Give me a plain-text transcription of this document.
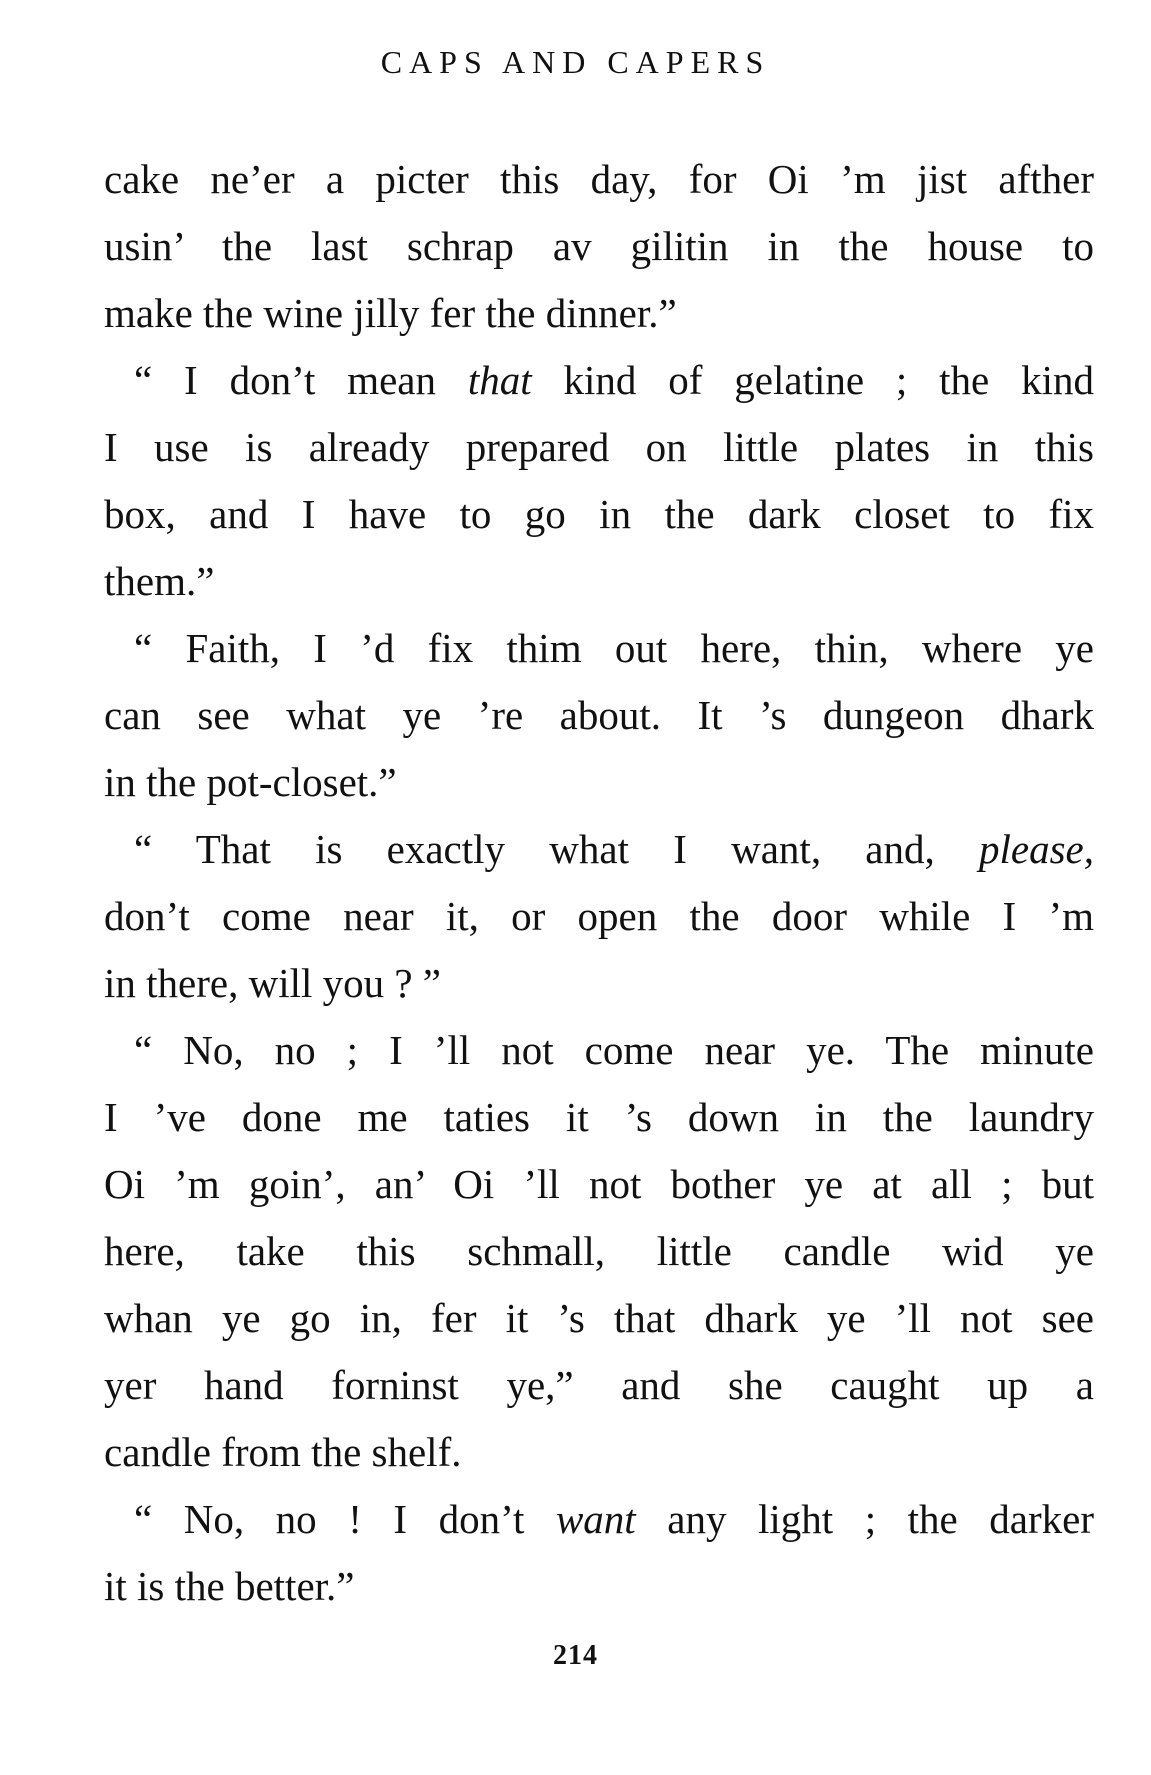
CAPS AND CAPERS
cake ne’er a picter this day, for Oi ’m jist afther
usin’ the last schrap av gilitin in the house to
make the wine jilly fer the dinner.”
“ I don’t mean that kind of gelatine ; the kind
I use is already prepared on little plates in this
box, and I have to go in the dark closet to fix
them.”
“ Faith, I ’d fix thim out here, thin, where ye
can see what ye ’re about. It ’s dungeon dhark
in the pot-closet.”
“ That is exactly what I want, and, please,
don’t come near it, or open the door while I ’m
in there, will you ? ”
“ No, no ; I ’ll not come near ye. The minute
I ’ve done me taties it ’s down in the laundry
Oi ’m goin’, an’ Oi ’ll not bother ye at all ; but
here, take this schmall, little candle wid ye
whan ye go in, fer it ’s that dhark ye ’ll not see
yer hand forninst ye,” and she caught up a
candle from the shelf.
“ No, no ! I don’t want any light ; the darker
it is the better.”
214
